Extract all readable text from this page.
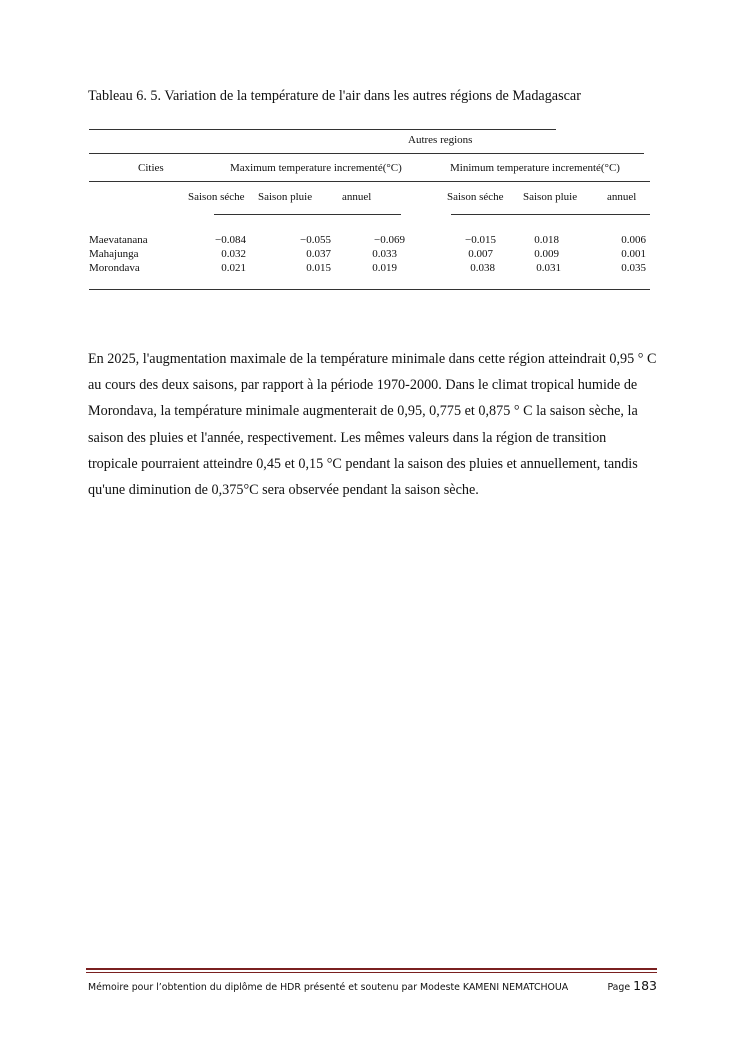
Tableau 6. 5. Variation de la température de l'air dans les autres régions de Madagascar
Autres regions
Cities	Maximum temperature incrementé(°C)	Minimum temperature incrementé(°C)
Saison séche Saison pluie	annuel	Saison séche Saison pluie	annuel
Maevatanana	−0.084	−0.055	−0.069	−0.015	0.018	0.006
Mahajunga	0.032	0.037	0.033	0.007	0.009	0.001
Morondava	0.021	0.015	0.019	0.038	0.031	0.035

En 2025, l'augmentation maximale de la température minimale dans cette région atteindrait 0,95 ° C au cours des deux saisons, par rapport à la période 1970-2000. Dans le climat tropical humide de Morondava, la température minimale augmenterait de 0,95, 0,775 et 0,875 ° C la saison sèche, la saison des pluies et l'année, respectivement. Les mêmes valeurs dans la région de transition tropicale pourraient atteindre 0,45 et 0,15 °C pendant la saison des pluies et annuellement, tandis qu'une diminution de 0,375°C sera observée pendant la saison sèche.

Mémoire pour l’obtention du diplôme de HDR présenté et soutenu par Modeste KAMENI NEMATCHOUA	Page 183
